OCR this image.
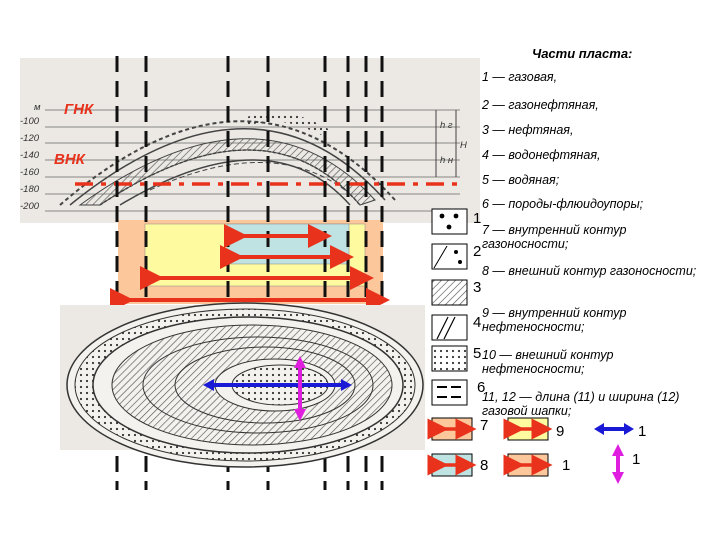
ГНК
ВНК
м
-100
-120
-140
-160
-180
-200
h г
h н
H
1
2
3
4
5
6
7
8
9
1
1
1
Части пласта:
1 — газовая,
2 — газонефтяная,
3 — нефтяная,
4 — водонефтяная,
5 — водяная;
6 — породы-флюидоупоры;
7 — внутренний контур газоносности;
8 — внешний контур газоносности;
9 — внутренний контур нефтеносности;
10 — внешний контур нефтеносности;
11, 12 — длина (11) и ширина (12) газовой шапки;
